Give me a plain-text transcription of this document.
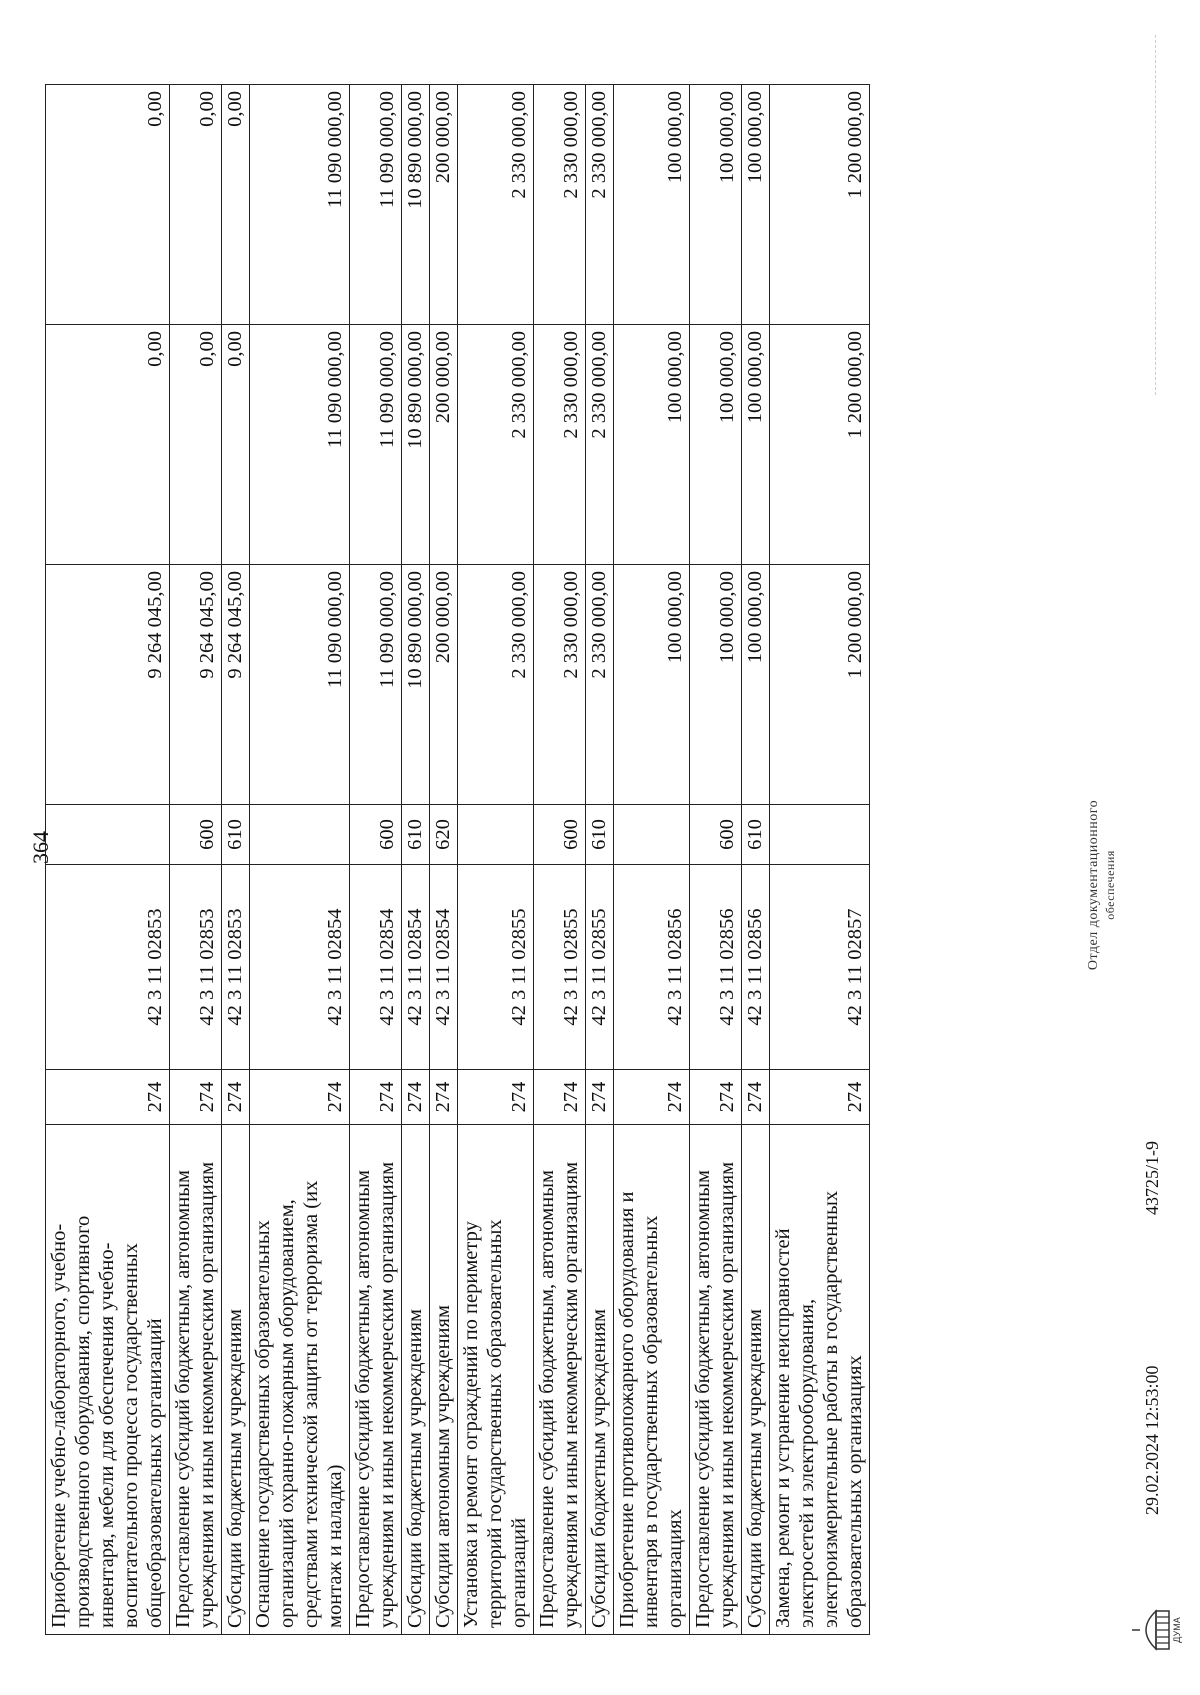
364
Приобретение учебно-лабораторного, учебно- производственного оборудования, спортивного инвентаря, мебели для обеспечения учебно- воспитательного процесса государственных общеобразовательных организаций	274	42 3 11 02853		9 264 045,00	0,00	0,00

Предоставление субсидий бюджетным, автономным учреждениям и иным некоммерческим организациям	274	42 3 11 02853	600	9 264 045,00	0,00	0,00

Субсидии бюджетным учреждениям	274	42 3 11 02853	610	9 264 045,00	0,00	0,00

Оснащение государственных образовательных организаций охранно-пожарным оборудованием, средствами технической защиты от терроризма (их монтаж и наладка)	274	42 3 11 02854		11 090 000,00	11 090 000,00	11 090 000,00

Предоставление субсидий бюджетным, автономным учреждениям и иным некоммерческим организациям	274	42 3 11 02854	600	11 090 000,00	11 090 000,00	11 090 000,00

Субсидии бюджетным учреждениям	274	42 3 11 02854	610	10 890 000,00	10 890 000,00	10 890 000,00

Субсидии автономным учреждениям	274	42 3 11 02854	620	200 000,00	200 000,00	200 000,00

Установка и ремонт ограждений по периметру территорий государственных образовательных организаций	274	42 3 11 02855		2 330 000,00	2 330 000,00	2 330 000,00

Предоставление субсидий бюджетным, автономным учреждениям и иным некоммерческим организациям	274	42 3 11 02855	600	2 330 000,00	2 330 000,00	2 330 000,00

Субсидии бюджетным учреждениям	274	42 3 11 02855	610	2 330 000,00	2 330 000,00	2 330 000,00

Приобретение противопожарного оборудования и инвентаря в государственных образовательных организациях	274	42 3 11 02856		100 000,00	100 000,00	100 000,00

Предоставление субсидий бюджетным, автономным учреждениям и иным некоммерческим организациям	274	42 3 11 02856	600	100 000,00	100 000,00	100 000,00

Субсидии бюджетным учреждениям	274	42 3 11 02856	610	100 000,00	100 000,00	100 000,00

Замена, ремонт и устранение неисправностей электросетей и электрооборудования, электроизмерительные работы в государственных образовательных организациях	274	42 3 11 02857		1 200 000,00	1 200 000,00	1 200 000,00
ДУМА
29.02.2024 12:53:00
43725/1-9
Отдел документационного обеспечения
